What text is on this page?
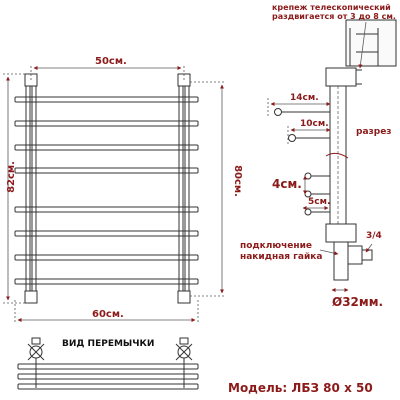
50см.
60см.
82см.	80см.
крепеж телескопический
раздвигается от 3 до 8 см.
14см.
10см.
разрез
4см.
5см.
3/4
подключение
накидная гайка
Ø32мм.
ВИД ПЕРЕМЫЧКИ
Модель: ЛБЗ 80 х 50
